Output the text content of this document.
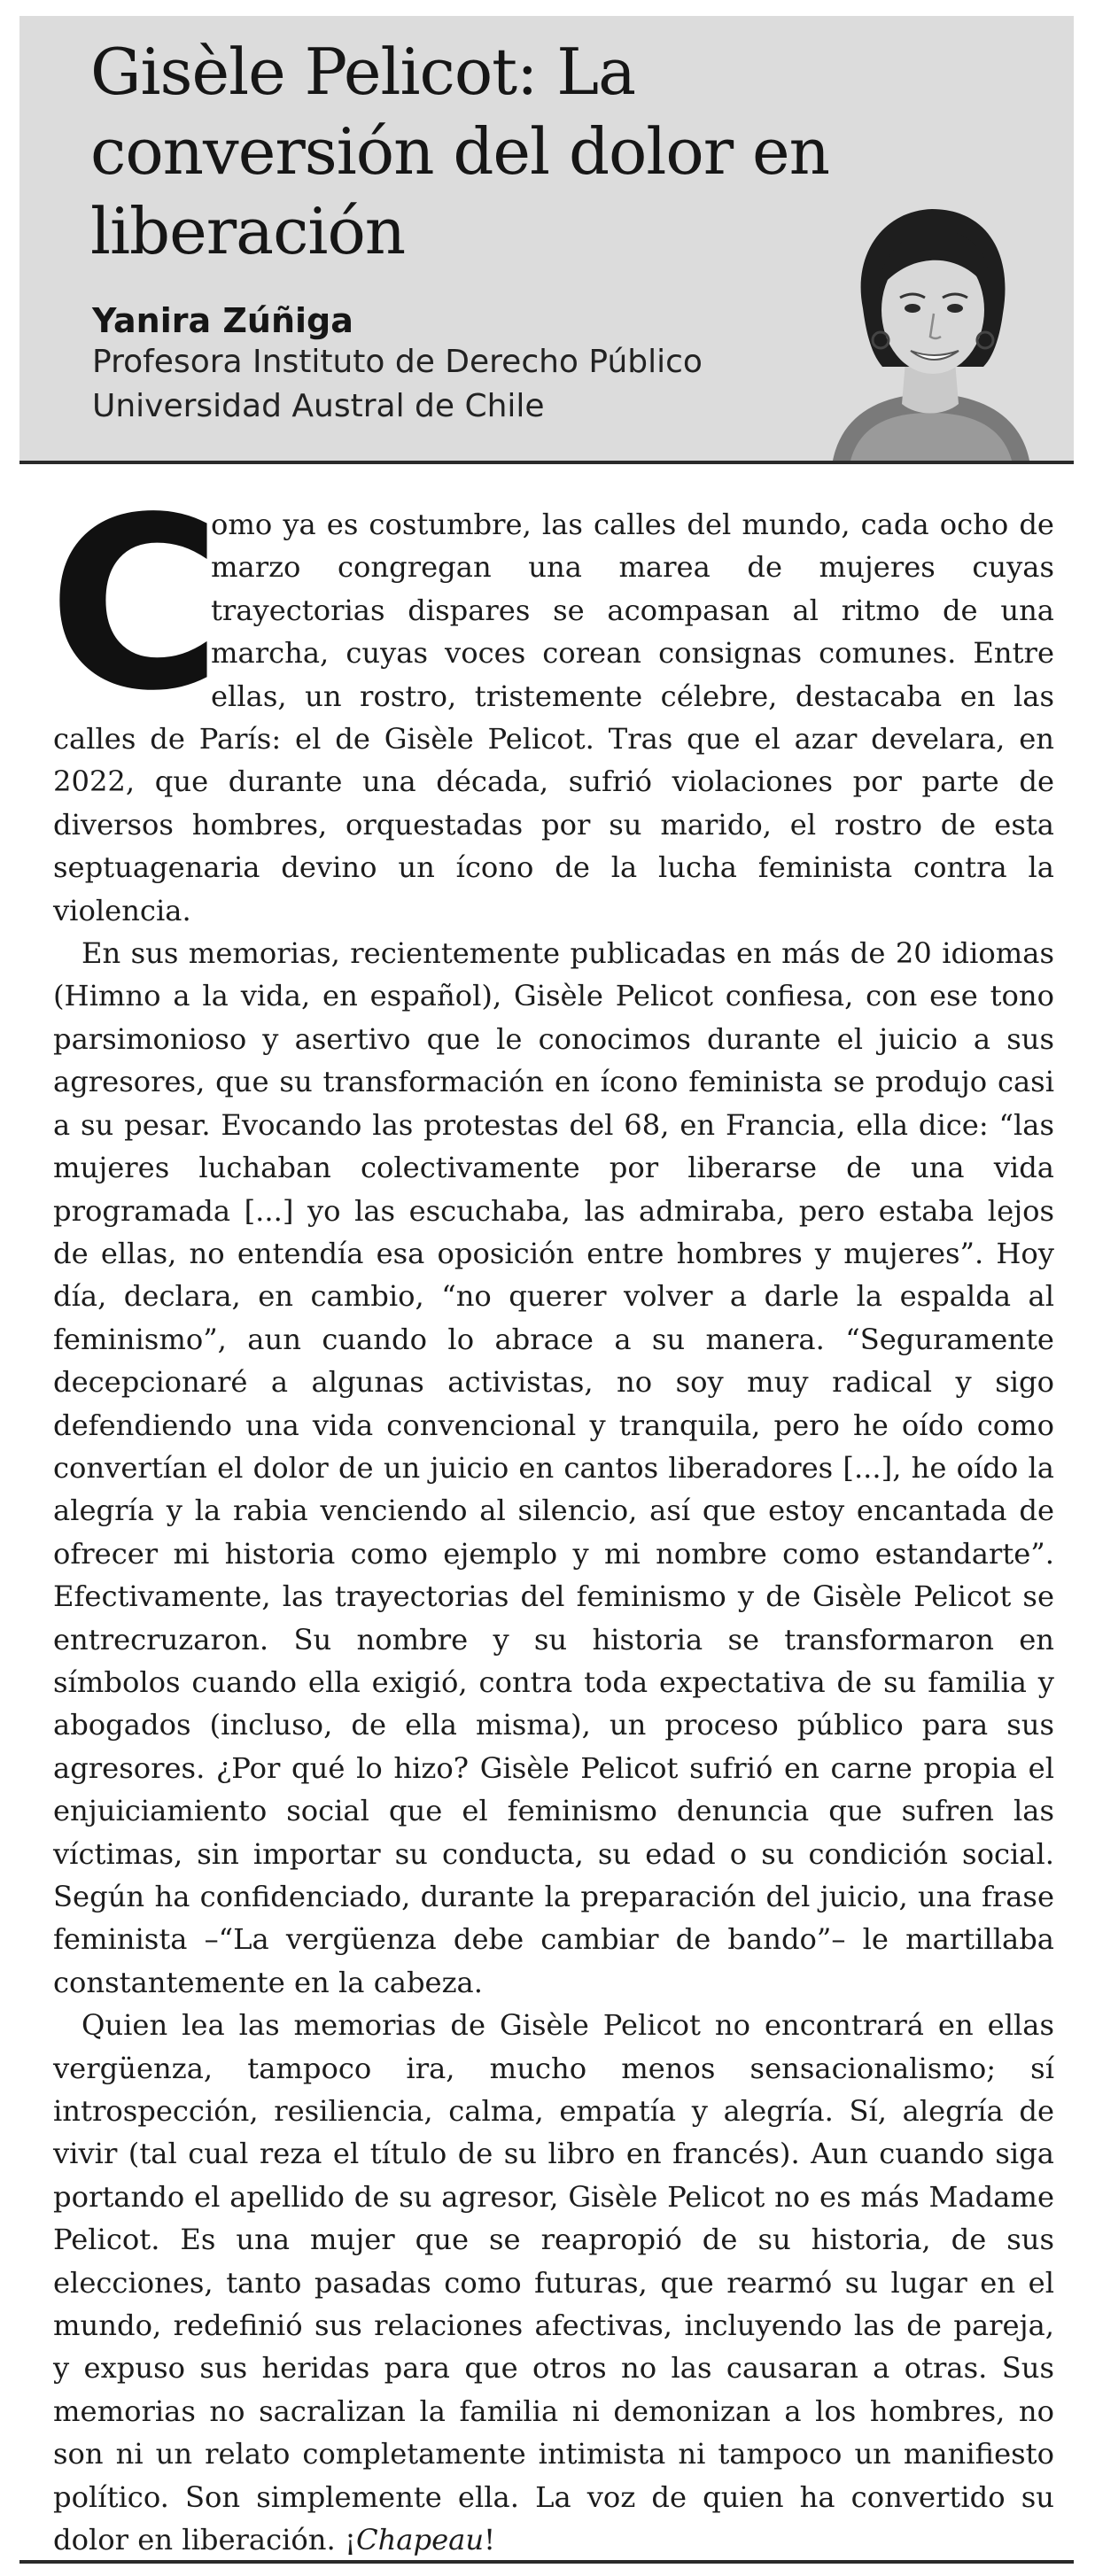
Gisèle Pelicot: La conversión del dolor en liberación

Yanira Zúñiga

Profesora Instituto de Derecho Público

Universidad Austral de Chile

C
omo ya es costumbre, las calles del mundo, cada ocho de marzo congregan una marea de mujeres cuyas trayectorias dispares se acompasan al ritmo de una marcha, cuyas voces corean consignas comunes. Entre ellas, un rostro, tristemente célebre, destacaba en las calles de París: el de Gisèle Pelicot. Tras que el azar develara, en 2022, que durante una década, sufrió violaciones por parte de diversos hombres, orquestadas por su marido, el rostro de esta septuagenaria devino un ícono de la lucha feminista contra la violencia.

En sus memorias, recientemente publicadas en más de 20 idiomas (Himno a la vida, en español), Gisèle Pelicot confiesa, con ese tono parsimonioso y asertivo que le conocimos durante el juicio a sus agresores, que su transformación en ícono feminista se produjo casi a su pesar. Evocando las protestas del 68, en Francia, ella dice: “las mujeres luchaban colectivamente por liberarse de una vida programada [...] yo las escuchaba, las admiraba, pero estaba lejos de ellas, no entendía esa oposición entre hombres y mujeres”. Hoy día, declara, en cambio, “no querer volver a darle la espalda al feminismo”, aun cuando lo abrace a su manera. “Seguramente decepcionaré a algunas activistas, no soy muy radical y sigo defendiendo una vida convencional y tranquila, pero he oído como convertían el dolor de un juicio en cantos liberadores [...], he oído la alegría y la rabia venciendo al silencio, así que estoy encantada de ofrecer mi historia como ejemplo y mi nombre como estandarte”. Efectivamente, las trayectorias del feminismo y de Gisèle Pelicot se entrecruzaron. Su nombre y su historia se transformaron en símbolos cuando ella exigió, contra toda expectativa de su familia y abogados (incluso, de ella misma), un proceso público para sus agresores. ¿Por qué lo hizo? Gisèle Pelicot sufrió en carne propia el enjuiciamiento social que el feminismo denuncia que sufren las víctimas, sin importar su conducta, su edad o su condición social. Según ha confidenciado, durante la preparación del juicio, una frase feminista –“La vergüenza debe cambiar de bando”– le martillaba constantemente en la cabeza.

Quien lea las memorias de Gisèle Pelicot no encontrará en ellas vergüenza, tampoco ira, mucho menos sensacionalismo; sí introspección, resiliencia, calma, empatía y alegría. Sí, alegría de vivir (tal cual reza el título de su libro en francés). Aun cuando siga portando el apellido de su agresor, Gisèle Pelicot no es más Madame Pelicot. Es una mujer que se reapropió de su historia, de sus elecciones, tanto pasadas como futuras, que rearmó su lugar en el mundo, redefinió sus relaciones afectivas, incluyendo las de pareja, y expuso sus heridas para que otros no las causaran a otras. Sus memorias no sacralizan la familia ni demonizan a los hombres, no son ni un relato completamente intimista ni tampoco un manifiesto político. Son simplemente ella. La voz de quien ha convertido su dolor en liberación. ¡Chapeau!
